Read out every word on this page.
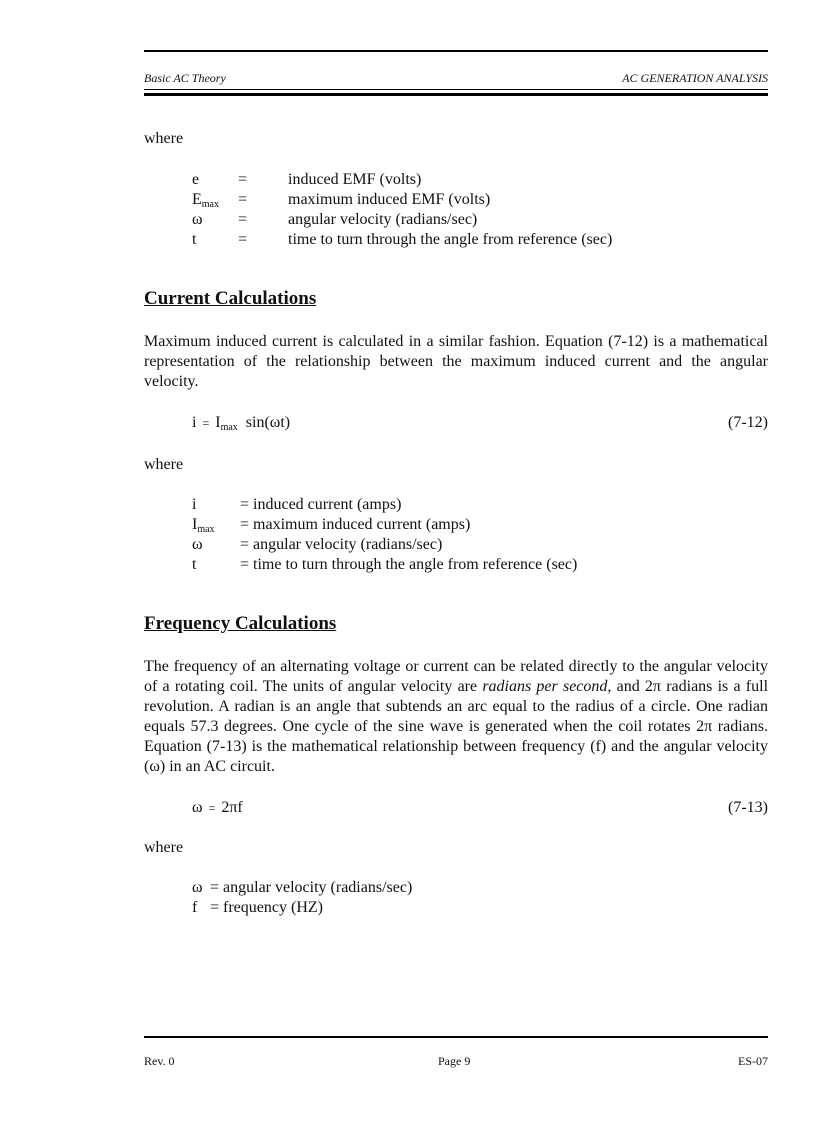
Basic AC Theory	AC GENERATION ANALYSIS
where
e =	induced EMF (volts)
$E_{max}$ =	maximum induced EMF (volts)
ω =	angular velocity (radians/sec)
t	=	time to turn through the angle from reference (sec)
Current Calculations

Maximum induced current is calculated in a similar fashion. Equation (7-12) is a mathematical representation of the relationship between the maximum induced current and the angular velocity.

$i = I_{max}$ sin(ωt)	(7-12)
where
i	= induced current (amps)
$I_{max}$ = maximum induced current (amps)
ω = angular velocity (radians/sec)
t	= time to turn through the angle from reference (sec)
Frequency Calculations

The frequency of an alternating voltage or current can be related directly to the angular velocity of a rotating coil. The units of angular velocity are radians per second, and 2π radians is a full revolution. A radian is an angle that subtends an arc equal to the radius of a circle. One radian equals 57.3 degrees. One cycle of the sine wave is generated when the coil rotates 2π radians. Equation (7-13) is the mathematical relationship between frequency (f) and the angular velocity (ω) in an AC circuit.

ω = 2πf	(7-13)
where
ω = angular velocity (radians/sec)
f = frequency (HZ)
Rev. 0	Page 9	ES-07
